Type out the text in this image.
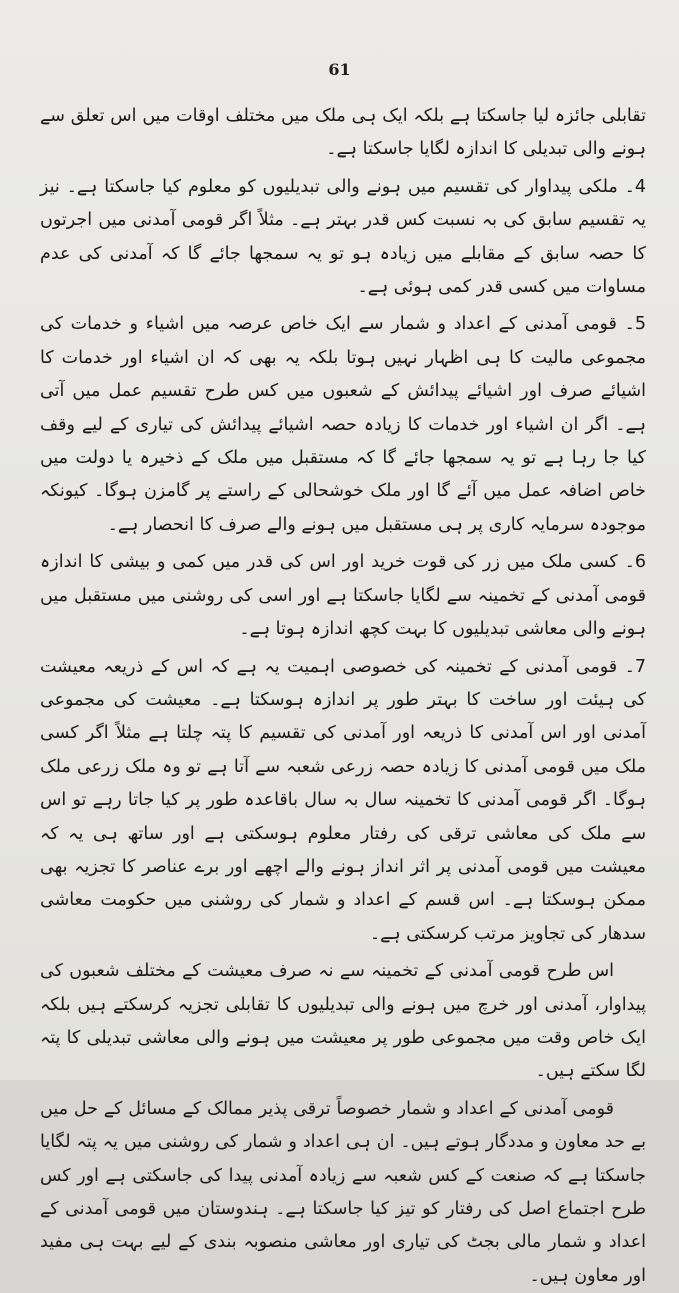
61

تقابلی جائزہ لیا جاسکتا ہے بلکہ ایک ہی ملک میں مختلف اوقات میں اس تعلق سے ہونے والی تبدیلی کا اندازہ لگایا جاسکتا ہے۔

4۔ ملکی پیداوار کی تقسیم میں ہونے والی تبدیلیوں کو معلوم کیا جاسکتا ہے۔ نیز یہ تقسیم سابق کی بہ نسبت کس قدر بہتر ہے۔ مثلاً اگر قومی آمدنی میں اجرتوں کا حصہ سابق کے مقابلے میں زیادہ ہو تو یہ سمجھا جائے گا کہ آمدنی کی عدم مساوات میں کسی قدر کمی ہوئی ہے۔

5۔ قومی آمدنی کے اعداد و شمار سے ایک خاص عرصہ میں اشیاء و خدمات کی مجموعی مالیت کا ہی اظہار نہیں ہوتا بلکہ یہ بھی کہ ان اشیاء اور خدمات کا اشیائے صرف اور اشیائے پیدائش کے شعبوں میں کس طرح تقسیم عمل میں آتی ہے۔ اگر ان اشیاء اور خدمات کا زیادہ حصہ اشیائے پیدائش کی تیاری کے لیے وقف کیا جا رہا ہے تو یہ سمجھا جائے گا کہ مستقبل میں ملک کے ذخیرہ یا دولت میں خاص اضافہ عمل میں آئے گا اور ملک خوشحالی کے راستے پر گامزن ہوگا۔ کیونکہ موجودہ سرمایہ کاری پر ہی مستقبل میں ہونے والے صرف کا انحصار ہے۔

6۔ کسی ملک میں زر کی قوت خرید اور اس کی قدر میں کمی و بیشی کا اندازہ قومی آمدنی کے تخمینہ سے لگایا جاسکتا ہے اور اسی کی روشنی میں مستقبل میں ہونے والی معاشی تبدیلیوں کا بہت کچھ اندازہ ہوتا ہے۔

7۔ قومی آمدنی کے تخمینہ کی خصوصی اہمیت یہ ہے کہ اس کے ذریعہ معیشت کی ہیئت اور ساخت کا بہتر طور پر اندازہ ہوسکتا ہے۔ معیشت کی مجموعی آمدنی اور اس آمدنی کا ذریعہ اور آمدنی کی تقسیم کا پتہ چلتا ہے مثلاً اگر کسی ملک میں قومی آمدنی کا زیادہ حصہ زرعی شعبہ سے آتا ہے تو وہ ملک زرعی ملک ہوگا۔ اگر قومی آمدنی کا تخمینہ سال بہ سال باقاعدہ طور پر کیا جاتا رہے تو اس سے ملک کی معاشی ترقی کی رفتار معلوم ہوسکتی ہے اور ساتھ ہی یہ کہ معیشت میں قومی آمدنی پر اثر انداز ہونے والے اچھے اور برے عناصر کا تجزیہ بھی ممکن ہوسکتا ہے۔ اس قسم کے اعداد و شمار کی روشنی میں حکومت معاشی سدھار کی تجاویز مرتب کرسکتی ہے۔

اس طرح قومی آمدنی کے تخمینہ سے نہ صرف معیشت کے مختلف شعبوں کی پیداوار، آمدنی اور خرچ میں ہونے والی تبدیلیوں کا تقابلی تجزیہ کرسکتے ہیں بلکہ ایک خاص وقت میں مجموعی طور پر معیشت میں ہونے والی معاشی تبدیلی کا پتہ لگا سکتے ہیں۔

قومی آمدنی کے اعداد و شمار خصوصاً ترقی پذیر ممالک کے مسائل کے حل میں بے حد معاون و مددگار ہوتے ہیں۔ ان ہی اعداد و شمار کی روشنی میں یہ پتہ لگایا جاسکتا ہے کہ صنعت کے کس شعبہ سے زیادہ آمدنی پیدا کی جاسکتی ہے اور کس طرح اجتماع اصل کی رفتار کو تیز کیا جاسکتا ہے۔ ہندوستان میں قومی آمدنی کے اعداد و شمار مالی بجٹ کی تیاری اور معاشی منصوبہ بندی کے لیے بہت ہی مفید اور معاون ہیں۔
